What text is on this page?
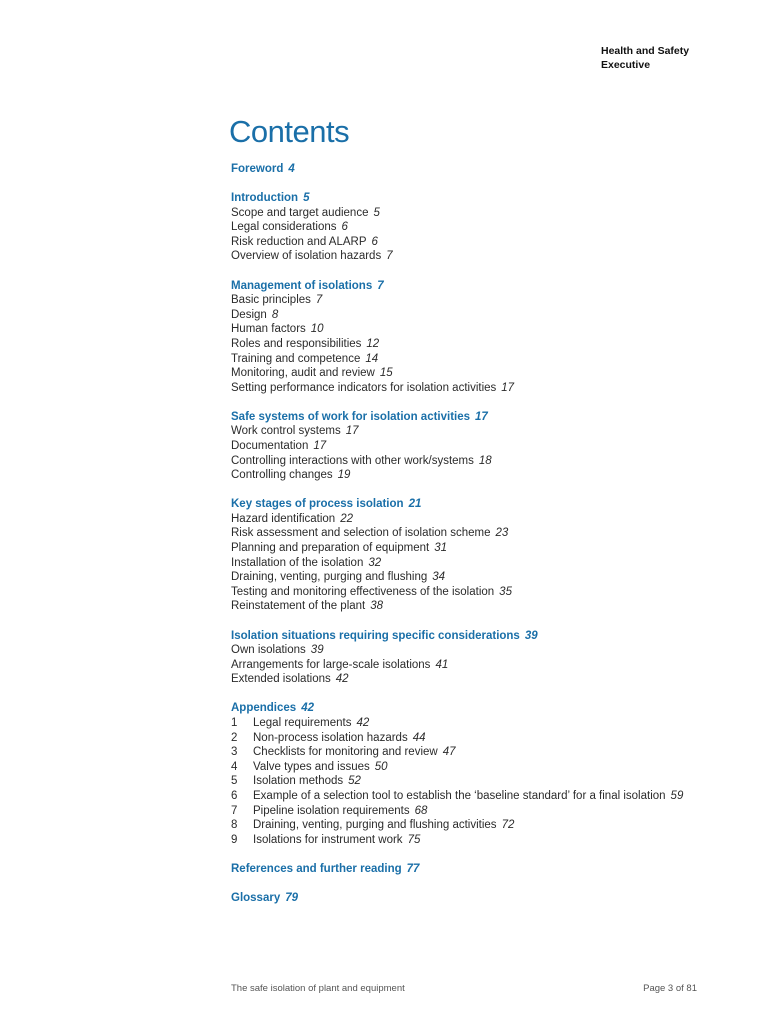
Health and Safety
Executive
Contents
Foreword 4
Introduction 5
Scope and target audience 5
Legal considerations 6
Risk reduction and ALARP 6
Overview of isolation hazards 7
Management of isolations 7
Basic principles 7
Design 8
Human factors 10
Roles and responsibilities 12
Training and competence 14
Monitoring, audit and review 15
Setting performance indicators for isolation activities 17
Safe systems of work for isolation activities 17
Work control systems 17
Documentation 17
Controlling interactions with other work/systems 18
Controlling changes 19
Key stages of process isolation 21
Hazard identification 22
Risk assessment and selection of isolation scheme 23
Planning and preparation of equipment 31
Installation of the isolation 32
Draining, venting, purging and flushing 34
Testing and monitoring effectiveness of the isolation 35
Reinstatement of the plant 38
Isolation situations requiring specific considerations 39
Own isolations 39
Arrangements for large-scale isolations 41
Extended isolations 42
Appendices 42
1	Legal requirements 42
2	Non-process isolation hazards 44
3	Checklists for monitoring and review 47
4	Valve types and issues 50
5	Isolation methods 52
6	Example of a selection tool to establish the ‘baseline standard’ for a final isolation 59
7	Pipeline isolation requirements 68
8	Draining, venting, purging and flushing activities 72
9	Isolations for instrument work 75
References and further reading 77
Glossary 79
The safe isolation of plant and equipment	Page 3 of 81
